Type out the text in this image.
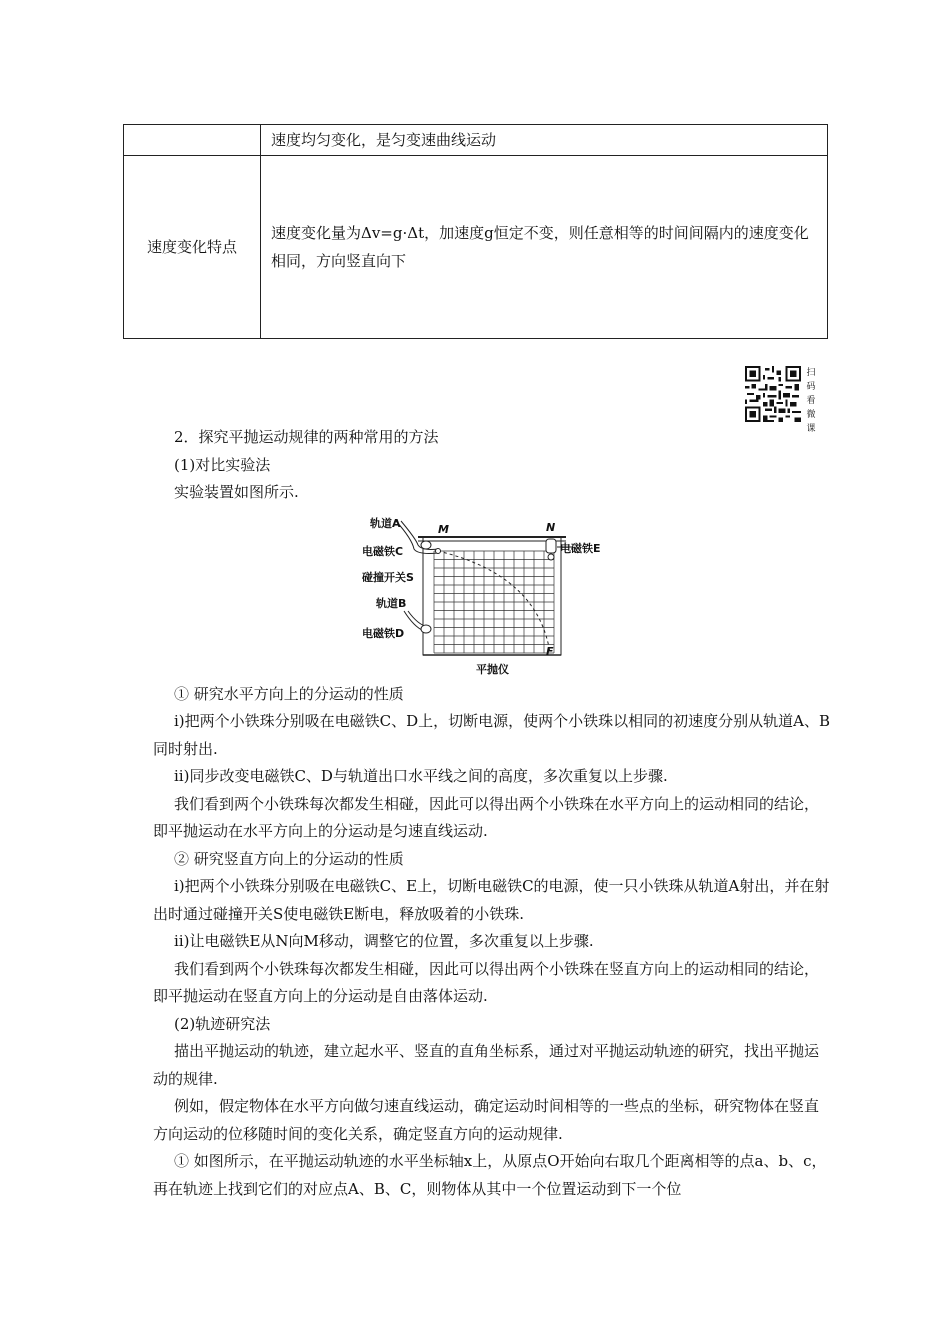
	速度均匀变化，是匀变速曲线运动
速度变化特点	速度变化量为Δv=g·Δt，加速度g恒定不变，则任意相等的时间间隔内的速度变化相同，方向竖直向下
扫码看微课

2．探究平抛运动规律的两种常用的方法

(1)对比实验法

实验装置如图所示.

轨道A
电磁铁C
碰撞开关S
轨道B
电磁铁D
M	N
电磁铁E
F
平抛仪

① 研究水平方向上的分运动的性质

ⅰ)把两个小铁珠分别吸在电磁铁C、D上，切断电源，使两个小铁珠以相同的初速度分别从轨道A、B同时射出.

ⅱ)同步改变电磁铁C、D与轨道出口水平线之间的高度，多次重复以上步骤.

我们看到两个小铁珠每次都发生相碰，因此可以得出两个小铁珠在水平方向上的运动相同的结论，即平抛运动在水平方向上的分运动是匀速直线运动.

② 研究竖直方向上的分运动的性质

ⅰ)把两个小铁珠分别吸在电磁铁C、E上，切断电磁铁C的电源，使一只小铁珠从轨道A射出，并在射出时通过碰撞开关S使电磁铁E断电，释放吸着的小铁珠.

ⅱ)让电磁铁E从N向M移动，调整它的位置，多次重复以上步骤.

我们看到两个小铁珠每次都发生相碰，因此可以得出两个小铁珠在竖直方向上的运动相同的结论，即平抛运动在竖直方向上的分运动是自由落体运动.

(2)轨迹研究法

描出平抛运动的轨迹，建立起水平、竖直的直角坐标系，通过对平抛运动轨迹的研究，找出平抛运动的规律.

例如，假定物体在水平方向做匀速直线运动，确定运动时间相等的一些点的坐标，研究物体在竖直方向运动的位移随时间的变化关系，确定竖直方向的运动规律.

① 如图所示，在平抛运动轨迹的水平坐标轴x上，从原点O开始向右取几个距离相等的点a、b、c，再在轨迹上找到它们的对应点A、B、C，则物体从其中一个位置运动到下一个位
